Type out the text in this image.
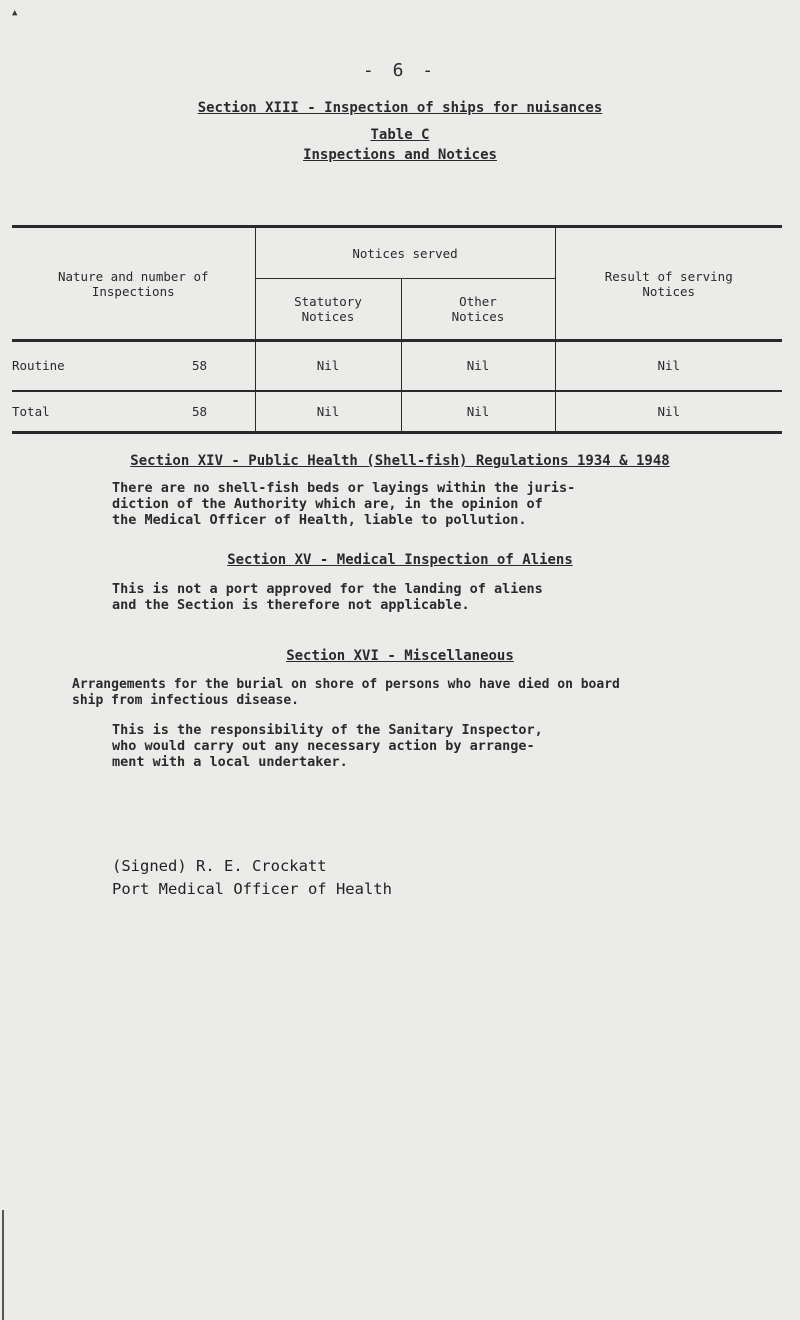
▲
- 6 -
Section XIII - Inspection of ships for nuisances
Table C
Inspections and Notices
Nature and number of Inspections	Notices served		Result of serving Notices
	Statutory Notices	Other Notices	
Routine 58	Nil	Nil	Nil
Total 58	Nil	Nil	Nil
Section XIV - Public Health (Shell-fish) Regulations 1934 & 1948
There are no shell-fish beds or layings within the juris-
diction of the Authority which are, in the opinion of
the Medical Officer of Health, liable to pollution.
Section XV - Medical Inspection of Aliens
This is not a port approved for the landing of aliens
and the Section is therefore not applicable.
Section XVI - Miscellaneous
Arrangements for the burial on shore of persons who have died on board
ship from infectious disease.
This is the responsibility of the Sanitary Inspector,
who would carry out any necessary action by arrange-
ment with a local undertaker.
(Signed) R. E. Crockatt
Port Medical Officer of Health
